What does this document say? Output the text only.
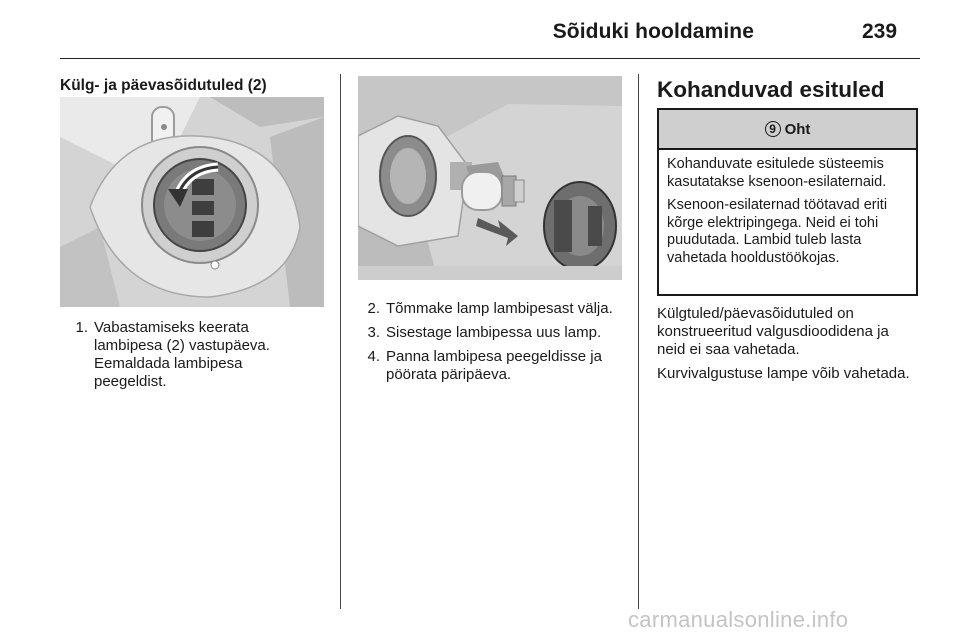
Sõiduki hooldamine	239
Külg- ja päevasõidutuled (2)
1. Vabastamiseks keerata lambipesa (2) vastupäeva. Eemaldada lambipesa peegeldist.
2. Tõmmake lamp lambipesast välja.
3. Sisestage lambipessa uus lamp.
4. Panna lambipesa peegeldisse ja pöörata päripäeva.
Kohanduvad esituled
9 Oht

Kohanduvate esitulede süsteemis kasutatakse ksenoon-esilaternaid.

Ksenoon-esilaternad töötavad eriti kõrge elektripingega. Neid ei tohi puudutada. Lambid tuleb lasta vahetada hooldustöökojas.

Külgtuled/päevasõidutuled on konstrueeritud valgusdioodidena ja neid ei saa vahetada.

Kurvivalgustuse lampe võib vahetada.

carmanualsonline.info
